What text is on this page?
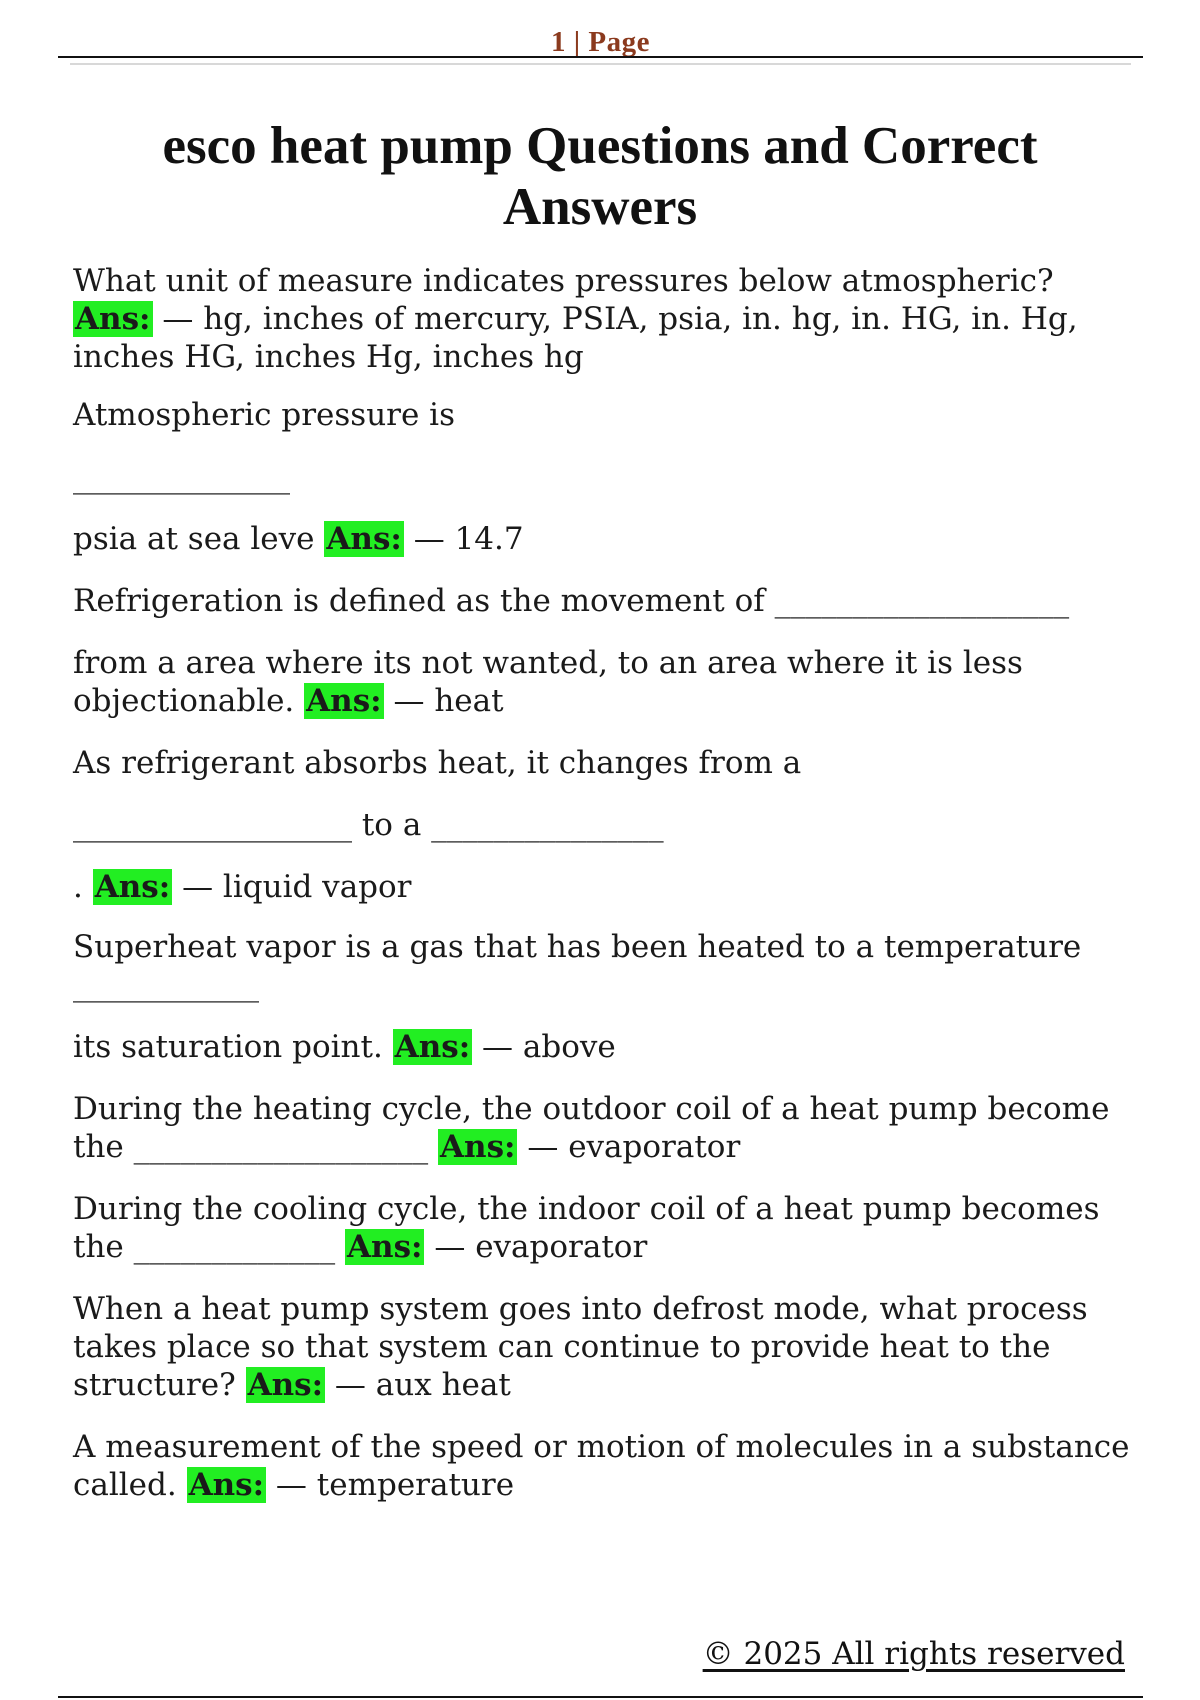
1 | Page
esco heat pump Questions and Correct Answers

What unit of measure indicates pressures below atmospheric?
Ans: — hg, inches of mercury, PSIA, psia, in. hg, in. HG, in. Hg, inches HG, inches Hg, inches hg

Atmospheric pressure is

______________

psia at sea leve Ans: — 14.7

Refrigeration is defined as the movement of ___________________

from a area where its not wanted, to an area where it is less objectionable. Ans: — heat

As refrigerant absorbs heat, it changes from a

__________________ to a _______________

. Ans: — liquid vapor

Superheat vapor is a gas that has been heated to a temperature

____________

its saturation point. Ans: — above

During the heating cycle, the outdoor coil of a heat pump become the ___________________ Ans: — evaporator

During the cooling cycle, the indoor coil of a heat pump becomes the _____________ Ans: — evaporator

When a heat pump system goes into defrost mode, what process takes place so that system can continue to provide heat to the structure? Ans: — aux heat

A measurement of the speed or motion of molecules in a substance called. Ans: — temperature

© 2025 All rights reserved
